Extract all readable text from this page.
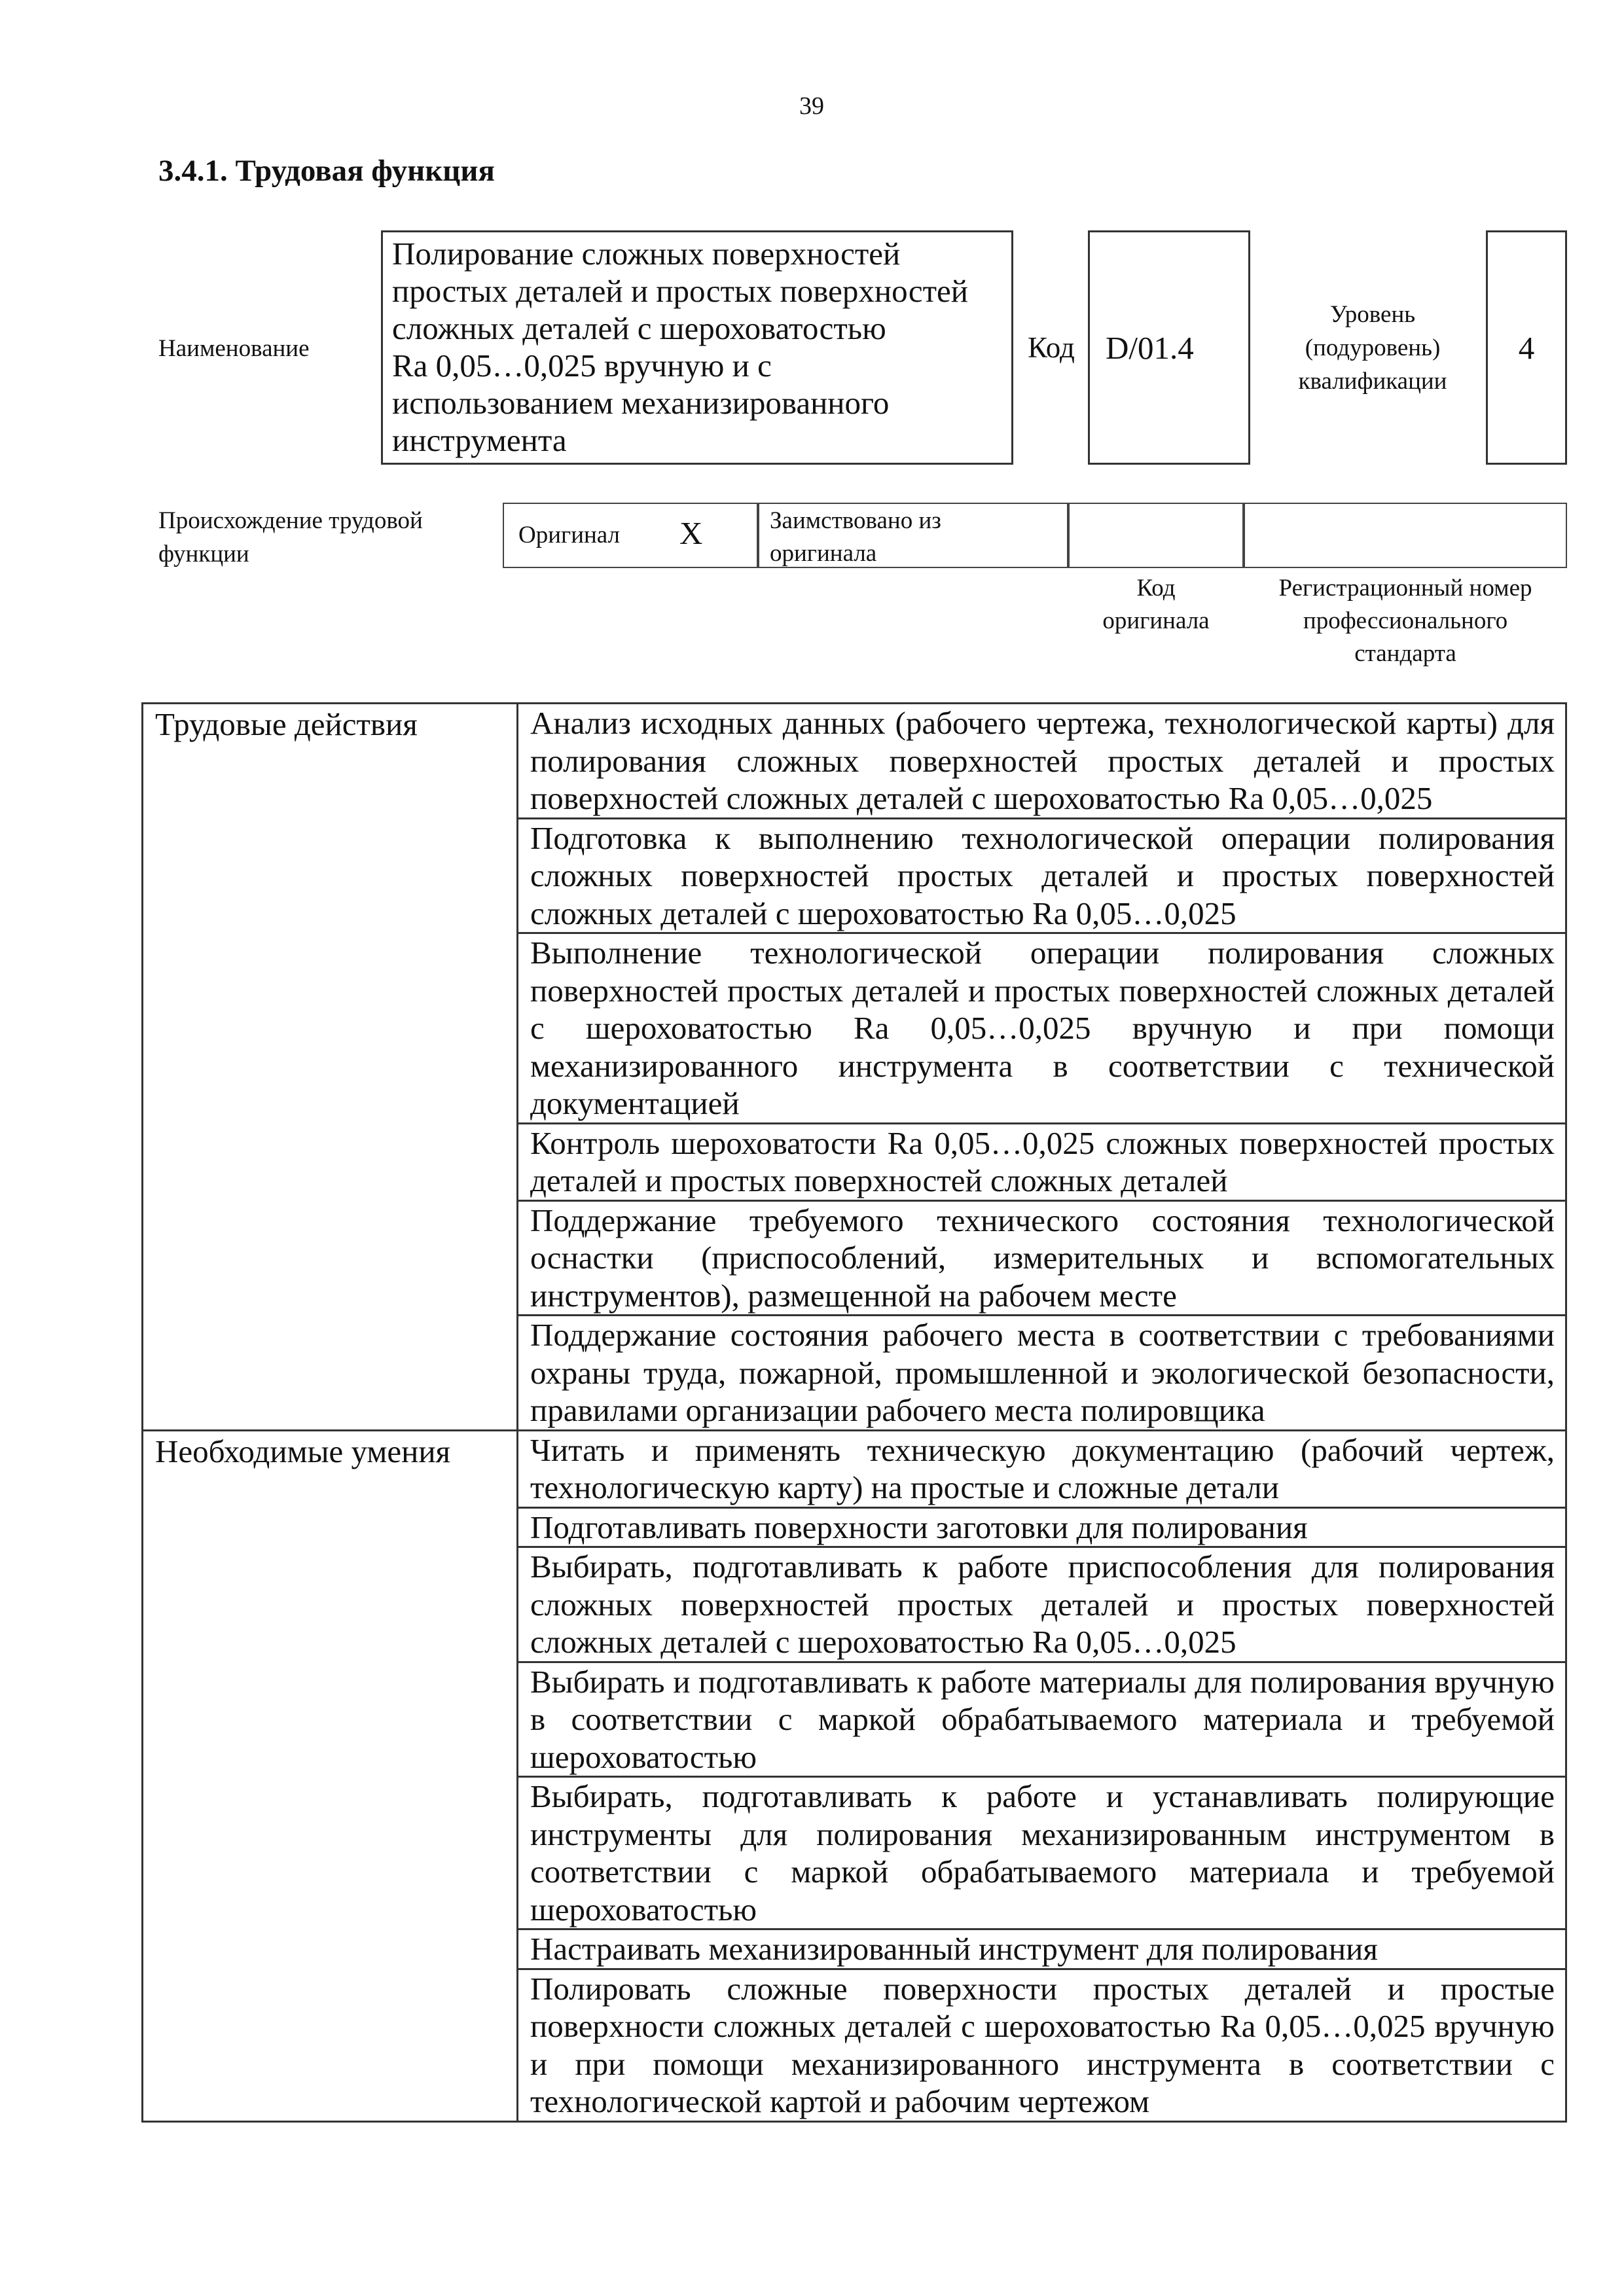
39
3.4.1. Трудовая функция
Наименование
Полирование сложных поверхностей
простых деталей и простых поверхностей
сложных деталей с шероховатостью
Ra 0,05…0,025 вручную и с
использованием механизированного
инструмента
Код D/01.4
Уровень
(подуровень)
квалификации
4
Происхождение трудовой
функции
Оригинал X	Заимствовано из
оригинала
Код
оригинала
Регистрационный номер
профессионального
стандарта
Трудовые действия	Анализ исходных данных (рабочего чертежа, технологической карты) для полирования сложных поверхностей простых деталей и простых поверхностей сложных деталей с шероховатостью Ra 0,05…0,025
	Подготовка к выполнению технологической операции полирования сложных поверхностей простых деталей и простых поверхностей сложных деталей с шероховатостью Ra 0,05…0,025
	Выполнение технологической операции полирования сложных поверхностей простых деталей и простых поверхностей сложных деталей с шероховатостью Ra 0,05…0,025 вручную и при помощи механизированного инструмента в соответствии с технической документацией
	Контроль шероховатости Ra 0,05…0,025 сложных поверхностей простых деталей и простых поверхностей сложных деталей
	Поддержание требуемого технического состояния технологической оснастки (приспособлений, измерительных и вспомогательных инструментов), размещенной на рабочем месте
	Поддержание состояния рабочего места в соответствии с требованиями охраны труда, пожарной, промышленной и экологической безопасности, правилами организации рабочего места полировщика
Необходимые умения	Читать и применять техническую документацию (рабочий чертеж, технологическую карту) на простые и сложные детали
	Подготавливать поверхности заготовки для полирования
	Выбирать, подготавливать к работе приспособления для полирования сложных поверхностей простых деталей и простых поверхностей сложных деталей с шероховатостью Ra 0,05…0,025
	Выбирать и подготавливать к работе материалы для полирования вручную в соответствии с маркой обрабатываемого материала и требуемой шероховатостью
	Выбирать, подготавливать к работе и устанавливать полирующие инструменты для полирования механизированным инструментом в соответствии с маркой обрабатываемого материала и требуемой шероховатостью
	Настраивать механизированный инструмент для полирования
	Полировать сложные поверхности простых деталей и простые поверхности сложных деталей с шероховатостью Ra 0,05…0,025 вручную и при помощи механизированного инструмента в соответствии с технологической картой и рабочим чертежом
